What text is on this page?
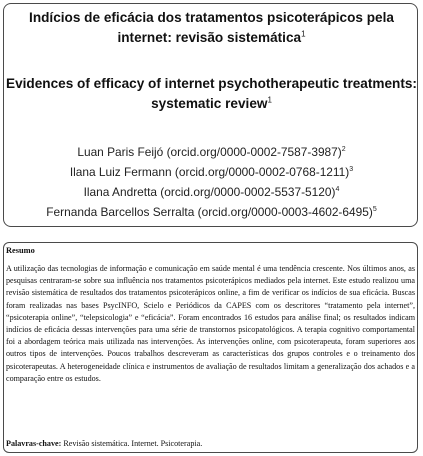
Indícios de eficácia dos tratamentos psicoterápicos pela internet: revisão sistemática$^1$
Evidences of efficacy of internet psychotherapeutic treatments: systematic review$^1$
Luan Paris Feijó (orcid.org/0000-0002-7587-3987)$^2$
Ilana Luiz Fermann (orcid.org/0000-0002-0768-1211)$^3$
Ilana Andretta (orcid.org/0000-0002-5537-5120)$^4$
Fernanda Barcellos Serralta (orcid.org/0000-0003-4602-6495)$^5$
Resumo

A utilização das tecnologias de informação e comunicação em saúde mental é uma tendência crescente. Nos últimos anos, as pesquisas centraram-se sobre sua influência nos tratamentos psicoterápicos mediados pela internet. Este estudo realizou uma revisão sistemática de resultados dos tratamentos psicoterápicos online, a fim de verificar os indícios de sua eficácia. Buscas foram realizadas nas bases PsycINFO, Scielo e Periódicos da CAPES com os descritores “tratamento pela internet”, “psicoterapia online”, “telepsicologia” e “eficácia”. Foram encontrados 16 estudos para análise final; os resultados indicam indícios de eficácia dessas intervenções para uma série de transtornos psicopatológicos. A terapia cognitivo comportamental foi a abordagem teórica mais utilizada nas intervenções. As intervenções online, com psicoterapeuta, foram superiores aos outros tipos de intervenções. Poucos trabalhos descreveram as características dos grupos controles e o treinamento dos psicoterapeutas. A heterogeneidade clínica e instrumentos de avaliação de resultados limitam a generalização dos achados e a comparação entre os estudos.

Palavras-chave: Revisão sistemática. Internet. Psicoterapia.
